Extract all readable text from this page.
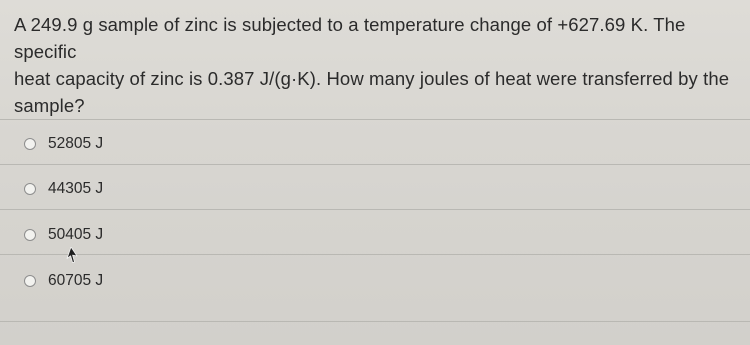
A 249.9 g sample of zinc is subjected to a temperature change of +627.69 K. The specific
heat capacity of zinc is 0.387 J/(g·K). How many joules of heat were transferred by the
sample?
52805 J
44305 J
50405 J
60705 J
